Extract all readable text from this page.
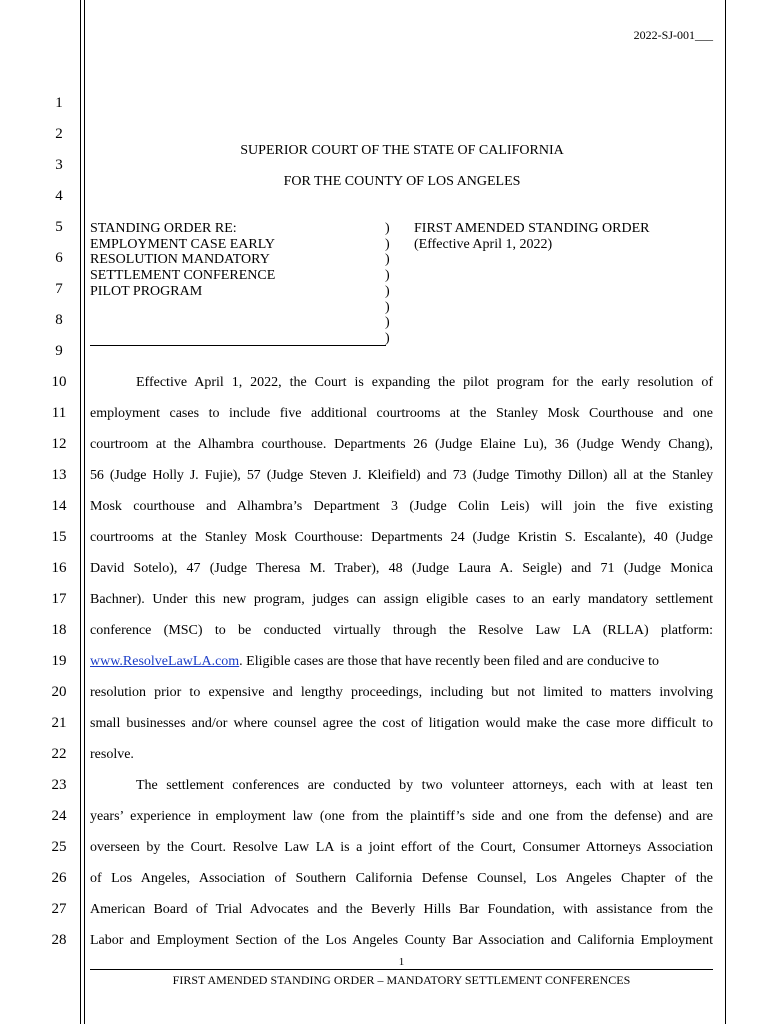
2022-SJ-001___
1
2
3
4
5
6
7
8
9
10
11
12
13
14
15
16
17
18
19
20
21
22
23
24
25
26
27
28
SUPERIOR COURT OF THE STATE OF CALIFORNIA
FOR THE COUNTY OF LOS ANGELES
STANDING ORDER RE:
EMPLOYMENT CASE EARLY
RESOLUTION MANDATORY
SETTLEMENT CONFERENCE
PILOT PROGRAM
)
)
)
)
)
)
)
)
FIRST AMENDED STANDING ORDER
(Effective April 1, 2022)
Effective April 1, 2022, the Court is expanding the pilot program for the early resolution of
employment cases to include five additional courtrooms at the Stanley Mosk Courthouse and one
courtroom at the Alhambra courthouse. Departments 26 (Judge Elaine Lu), 36 (Judge Wendy Chang),
56 (Judge Holly J. Fujie), 57 (Judge Steven J. Kleifield) and 73 (Judge Timothy Dillon) all at the Stanley
Mosk courthouse and Alhambra’s Department 3 (Judge Colin Leis) will join the five existing
courtrooms at the Stanley Mosk Courthouse: Departments 24 (Judge Kristin S. Escalante), 40 (Judge
David Sotelo), 47 (Judge Theresa M. Traber), 48 (Judge Laura A. Seigle) and 71 (Judge Monica
Bachner). Under this new program, judges can assign eligible cases to an early mandatory settlement
conference (MSC) to be conducted virtually through the Resolve Law LA (RLLA) platform:
www.ResolveLawLA.com. Eligible cases are those that have recently been filed and are conducive to
resolution prior to expensive and lengthy proceedings, including but not limited to matters involving
small businesses and/or where counsel agree the cost of litigation would make the case more difficult to
resolve.
The settlement conferences are conducted by two volunteer attorneys, each with at least ten
years’ experience in employment law (one from the plaintiff’s side and one from the defense) and are
overseen by the Court. Resolve Law LA is a joint effort of the Court, Consumer Attorneys Association
of Los Angeles, Association of Southern California Defense Counsel, Los Angeles Chapter of the
American Board of Trial Advocates and the Beverly Hills Bar Foundation, with assistance from the
Labor and Employment Section of the Los Angeles County Bar Association and California Employment
1
FIRST AMENDED STANDING ORDER – MANDATORY SETTLEMENT CONFERENCES
